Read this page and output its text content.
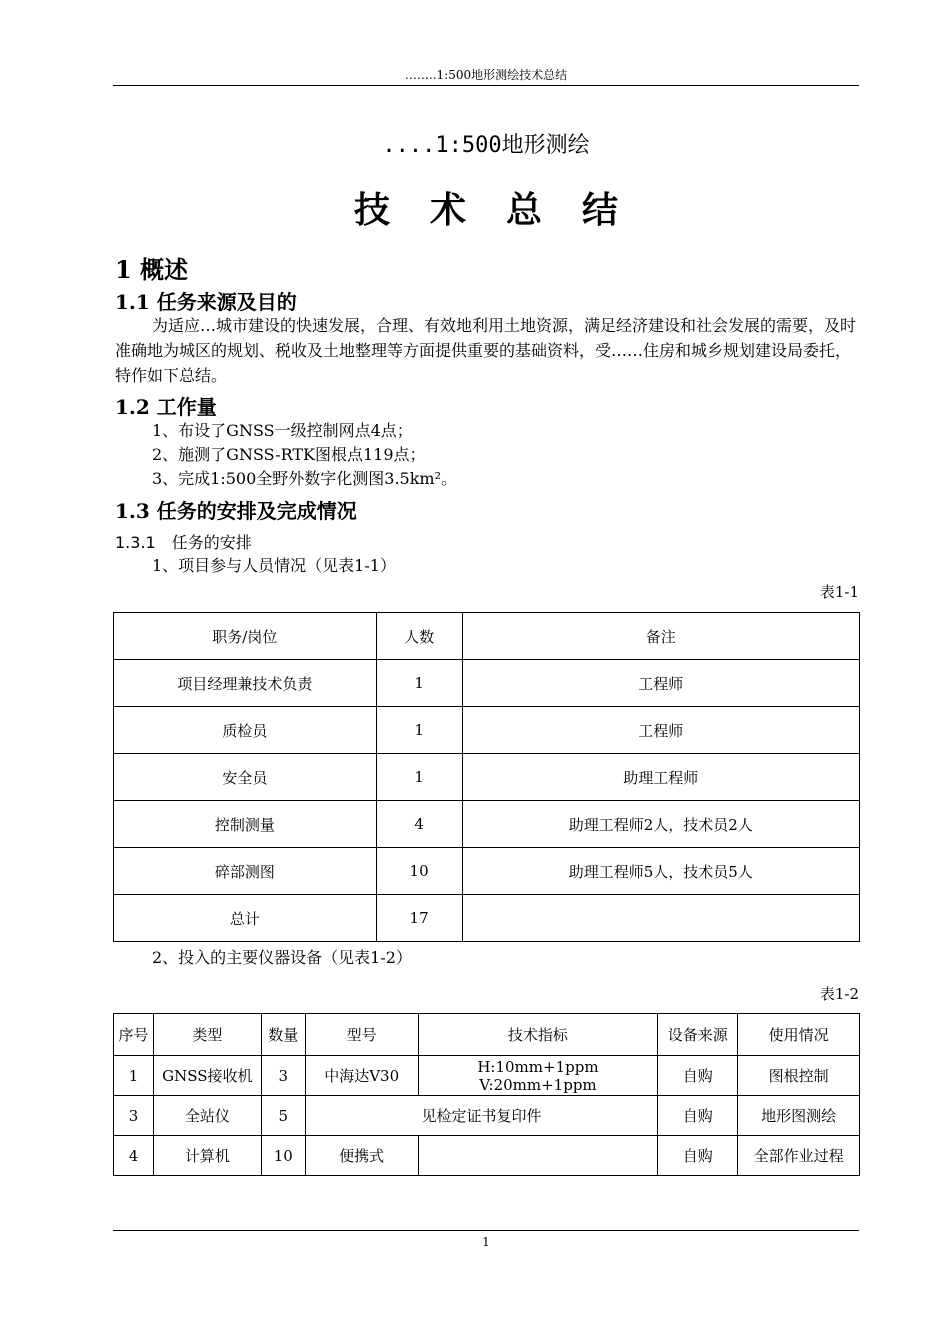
……..1:500地形测绘技术总结
....1:500地形测绘
技术总结
1 概述
1.1 任务来源及目的
为适应…城市建设的快速发展，合理、有效地利用土地资源，满足经济建设和社会发展的需要，及时准确地为城区的规划、税收及土地整理等方面提供重要的基础资料，受……住房和城乡规划建设局委托，特作如下总结。
1.2 工作量
1、布设了GNSS一级控制网点4点；
2、施测了GNSS-RTK图根点119点；
3、完成1:500全野外数字化测图3.5km²。
1.3 任务的安排及完成情况
1.3.1　任务的安排
1、项目参与人员情况（见表1-1）
表1-1
职务/岗位	人数	备注
项目经理兼技术负责	1	工程师
质检员	1	工程师
安全员	1	助理工程师
控制测量	4	助理工程师2人，技术员2人
碎部测图	10	助理工程师5人，技术员5人
总计	17	
2、投入的主要仪器设备（见表1-2）
表1-2
序号	类型	数量	型号	技术指标	设备来源	使用情况
1	GNSS接收机	3	中海达V30	H:10mm+1ppm V:20mm+1ppm	自购	图根控制
3	全站仪	5	见检定证书复印件		自购	地形图测绘
4	计算机	10	便携式		自购	全部作业过程
1
